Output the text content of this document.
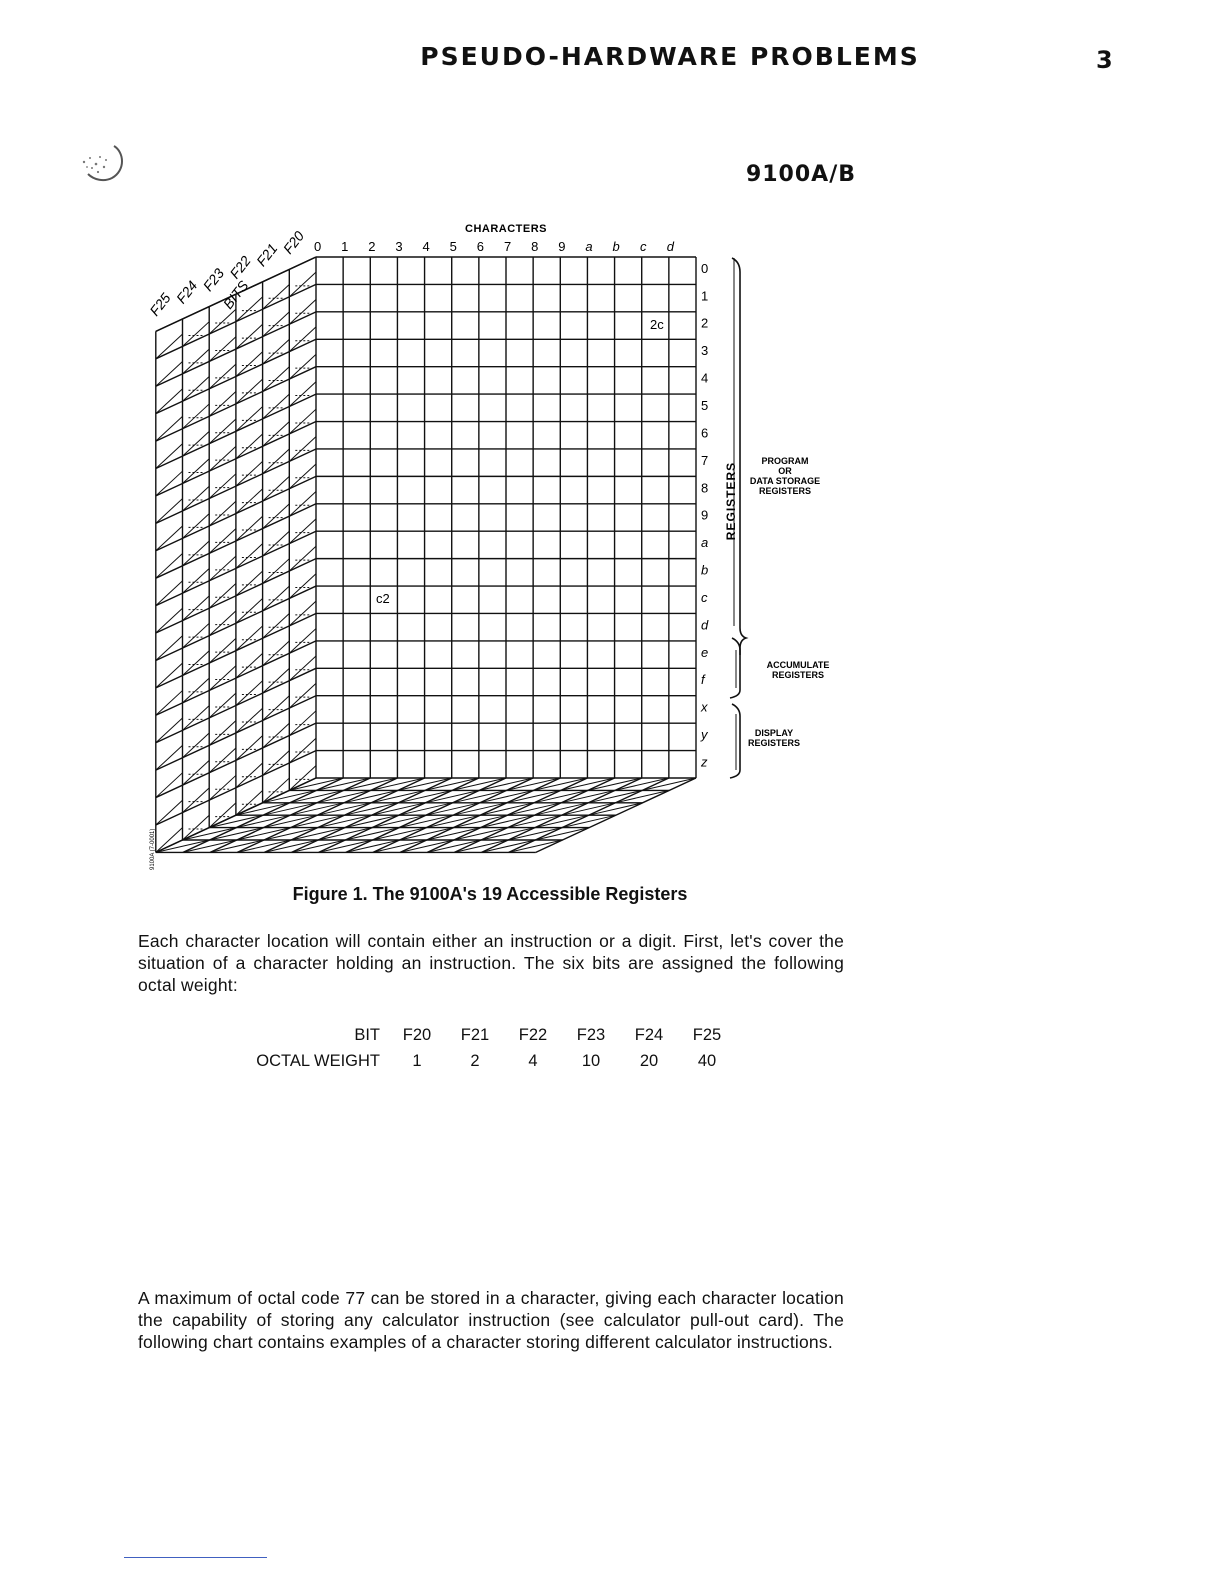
PSEUDO-HARDWARE PROBLEMS	3
9100A/B
CHARACTERS
0 1 2 3 4 5 6 7 8 9 a b c d
0
1
2
3
4
5
6
7
8
9
a
b
c
d
e
f
x
y
z
F20
F21
F22
F23
F24
F25	BITS
2c
c2
REGISTERS
PROGRAM
OR
DATA STORAGE
REGISTERS
ACCUMULATE
REGISTERS
DISPLAY
REGISTERS
9100A (7-0001)
Figure 1. The 9100A's 19 Accessible Registers
Each character location will contain either an instruction or a digit. First, let's cover the situation of a character holding an instruction. The six bits are assigned the following octal weight:
BIT	F20	F21	F22	F23	F24	F25
OCTAL WEIGHT	1	2	4	10	20	40
A maximum of octal code 77 can be stored in a character, giving each character location the capability of storing any calculator instruction (see calculator pull-out card). The following chart contains examples of a character storing different calculator instructions.
